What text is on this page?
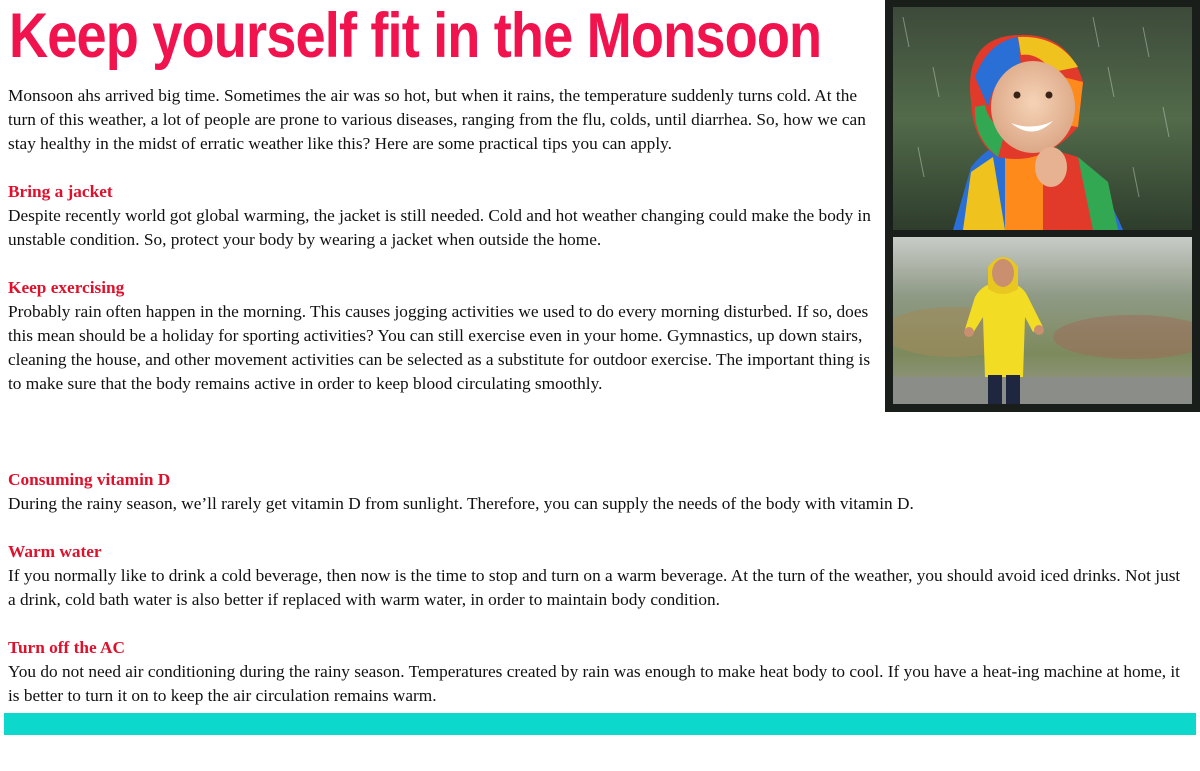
Keep yourself fit in the Monsoon
Monsoon ahs arrived big time. Sometimes the air was so hot, but when it rains, the temperature suddenly turns cold. At the turn of this weather, a lot of people are prone to various diseases, ranging from the flu, colds, until diarrhea. So, how we can stay healthy in the midst of erratic weather like this? Here are some practical tips you can apply.
Bring a jacket
Despite recently world got global warming, the jacket is still needed. Cold and hot weather changing could make the body in unstable condition. So, protect your body by wearing a jacket when outside the home.
Keep exercising
Probably rain often happen in the morning. This causes jogging activities we used to do every morning disturbed. If so, does this mean should be a holiday for sporting activities? You can still exercise even in your home. Gymnastics, up down stairs, cleaning the house, and other movement activities can be selected as a substitute for outdoor exercise. The important thing is to make sure that the body remains active in order to keep blood circulating smoothly.
Consuming vitamin D
During the rainy season, we’ll rarely get vitamin D from sunlight. Therefore, you can supply the needs of the body with vitamin D.
Warm water
If you normally like to drink a cold beverage, then now is the time to stop and turn on a warm beverage. At the turn of the weather, you should avoid iced drinks. Not just a drink, cold bath water is also better if replaced with warm water, in order to maintain body condition.
Turn off the AC
You do not need air conditioning during the rainy season. Temperatures created by rain was enough to make heat body to cool. If you have a heat-ing machine at home, it is better to turn it on to keep the air circulation remains warm.
